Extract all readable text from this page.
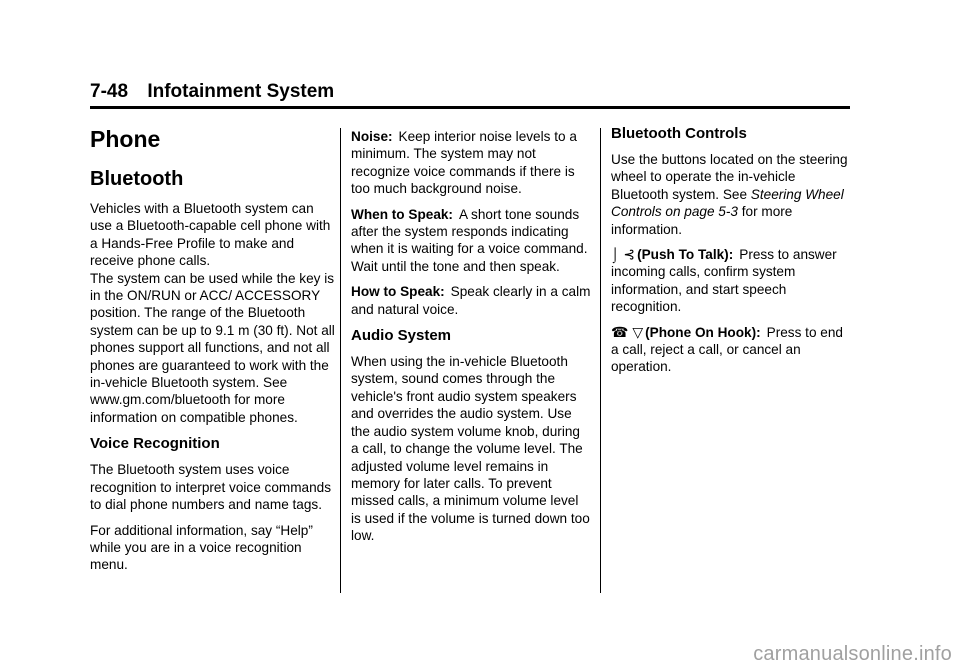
7-48 Infotainment System
Phone
Bluetooth

Vehicles with a Bluetooth system can use a Bluetooth-capable cell phone with a Hands-Free Profile to make and receive phone calls.
The system can be used while the key is in the ON/RUN or ACC/ ACCESSORY position. The range of the Bluetooth system can be up to 9.1 m (30 ft). Not all phones support all functions, and not all phones are guaranteed to work with the in-vehicle Bluetooth system. See www.gm.com/bluetooth for more information on compatible phones.

Voice Recognition

The Bluetooth system uses voice recognition to interpret voice commands to dial phone numbers and name tags.

For additional information, say “Help” while you are in a voice recognition menu.

Noise: Keep interior noise levels to a minimum. The system may not recognize voice commands if there is too much background noise.

When to Speak: A short tone sounds after the system responds indicating when it is waiting for a voice command. Wait until the tone and then speak.

How to Speak: Speak clearly in a calm and natural voice.

Audio System

When using the in-vehicle Bluetooth system, sound comes through the vehicle's front audio system speakers and overrides the audio system. Use the audio system volume knob, during a call, to change the volume level. The adjusted volume level remains in memory for later calls. To prevent missed calls, a minimum volume level is used if the volume is turned down too low.

Bluetooth Controls

Use the buttons located on the steering wheel to operate the in-vehicle Bluetooth system. See Steering Wheel Controls on page 5-3 for more information.

⌡ ⊰ (Push To Talk): Press to answer incoming calls, confirm system information, and start speech recognition.

☎ ▽ (Phone On Hook): Press to end a call, reject a call, or cancel an operation.

carmanualsonline.info
